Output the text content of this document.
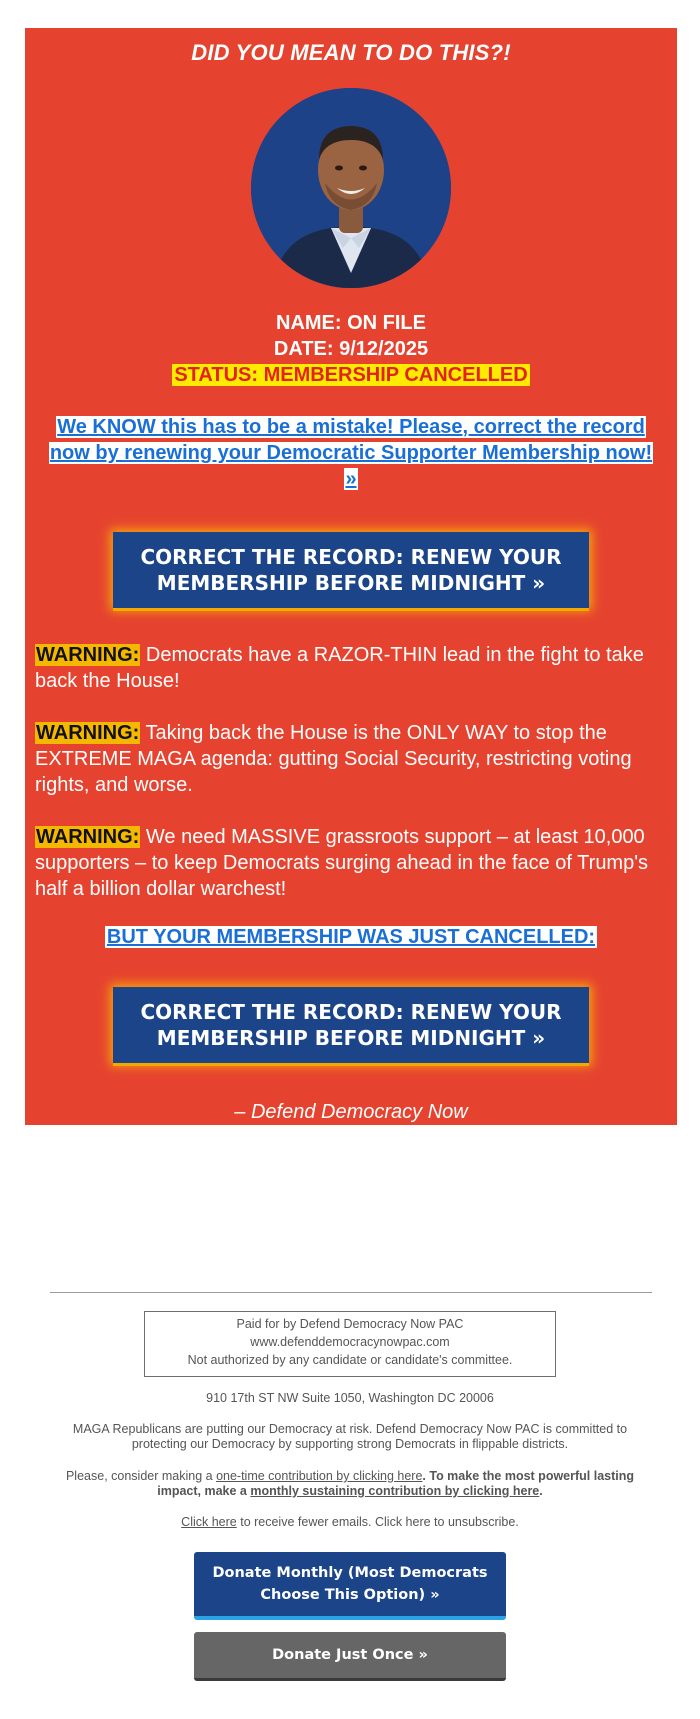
DID YOU MEAN TO DO THIS?!
NAME: ON FILE
DATE: 9/12/2025
STATUS: MEMBERSHIP CANCELLED
We KNOW this has to be a mistake! Please, correct the record now by renewing your Democratic Supporter Membership now! »
CORRECT THE RECORD: RENEW YOUR MEMBERSHIP BEFORE MIDNIGHT »
WARNING: Democrats have a RAZOR-THIN lead in the fight to take back the House!
WARNING: Taking back the House is the ONLY WAY to stop the EXTREME MAGA agenda: gutting Social Security, restricting voting rights, and worse.
WARNING: We need MASSIVE grassroots support – at least 10,000 supporters – to keep Democrats surging ahead in the face of Trump's half a billion dollar warchest!
BUT YOUR MEMBERSHIP WAS JUST CANCELLED:
CORRECT THE RECORD: RENEW YOUR MEMBERSHIP BEFORE MIDNIGHT »
– Defend Democracy Now
Paid for by Defend Democracy Now PAC
www.defenddemocracynowpac.com
Not authorized by any candidate or candidate's committee.
910 17th ST NW Suite 1050, Washington DC 20006
MAGA Republicans are putting our Democracy at risk. Defend Democracy Now PAC is committed to protecting our Democracy by supporting strong Democrats in flippable districts.
Please, consider making a one-time contribution by clicking here. To make the most powerful lasting impact, make a monthly sustaining contribution by clicking here.
Click here to receive fewer emails. Click here to unsubscribe.
Donate Monthly (Most Democrats Choose This Option) »
Donate Just Once »
